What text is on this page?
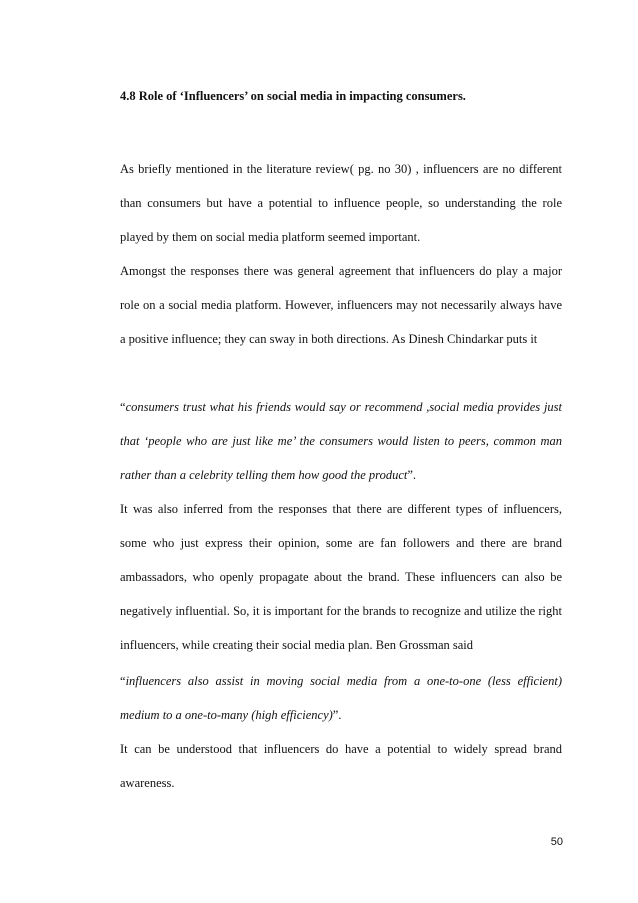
4.8 Role of ‘Influencers’ on social media in impacting consumers.

As briefly mentioned in the literature review( pg. no 30) , influencers are no different than consumers but have a potential to influence people, so understanding the role played by them on social media platform seemed important.

Amongst the responses there was general agreement that influencers do play a major role on a social media platform. However, influencers may not necessarily always have a positive influence; they can sway in both directions. As Dinesh Chindarkar puts it

“consumers trust what his friends would say or recommend ,social media provides just that ‘people who are just like me’ the consumers would listen to peers, common man rather than a celebrity telling them how good the product”.

It was also inferred from the responses that there are different types of influencers, some who just express their opinion, some are fan followers and there are brand ambassadors, who openly propagate about the brand. These influencers can also be negatively influential. So, it is important for the brands to recognize and utilize the right influencers, while creating their social media plan. Ben Grossman said

“influencers also assist in moving social media from a one-to-one (less efficient) medium to a one-to-many (high efficiency)”.

It can be understood that influencers do have a potential to widely spread brand awareness.

50
